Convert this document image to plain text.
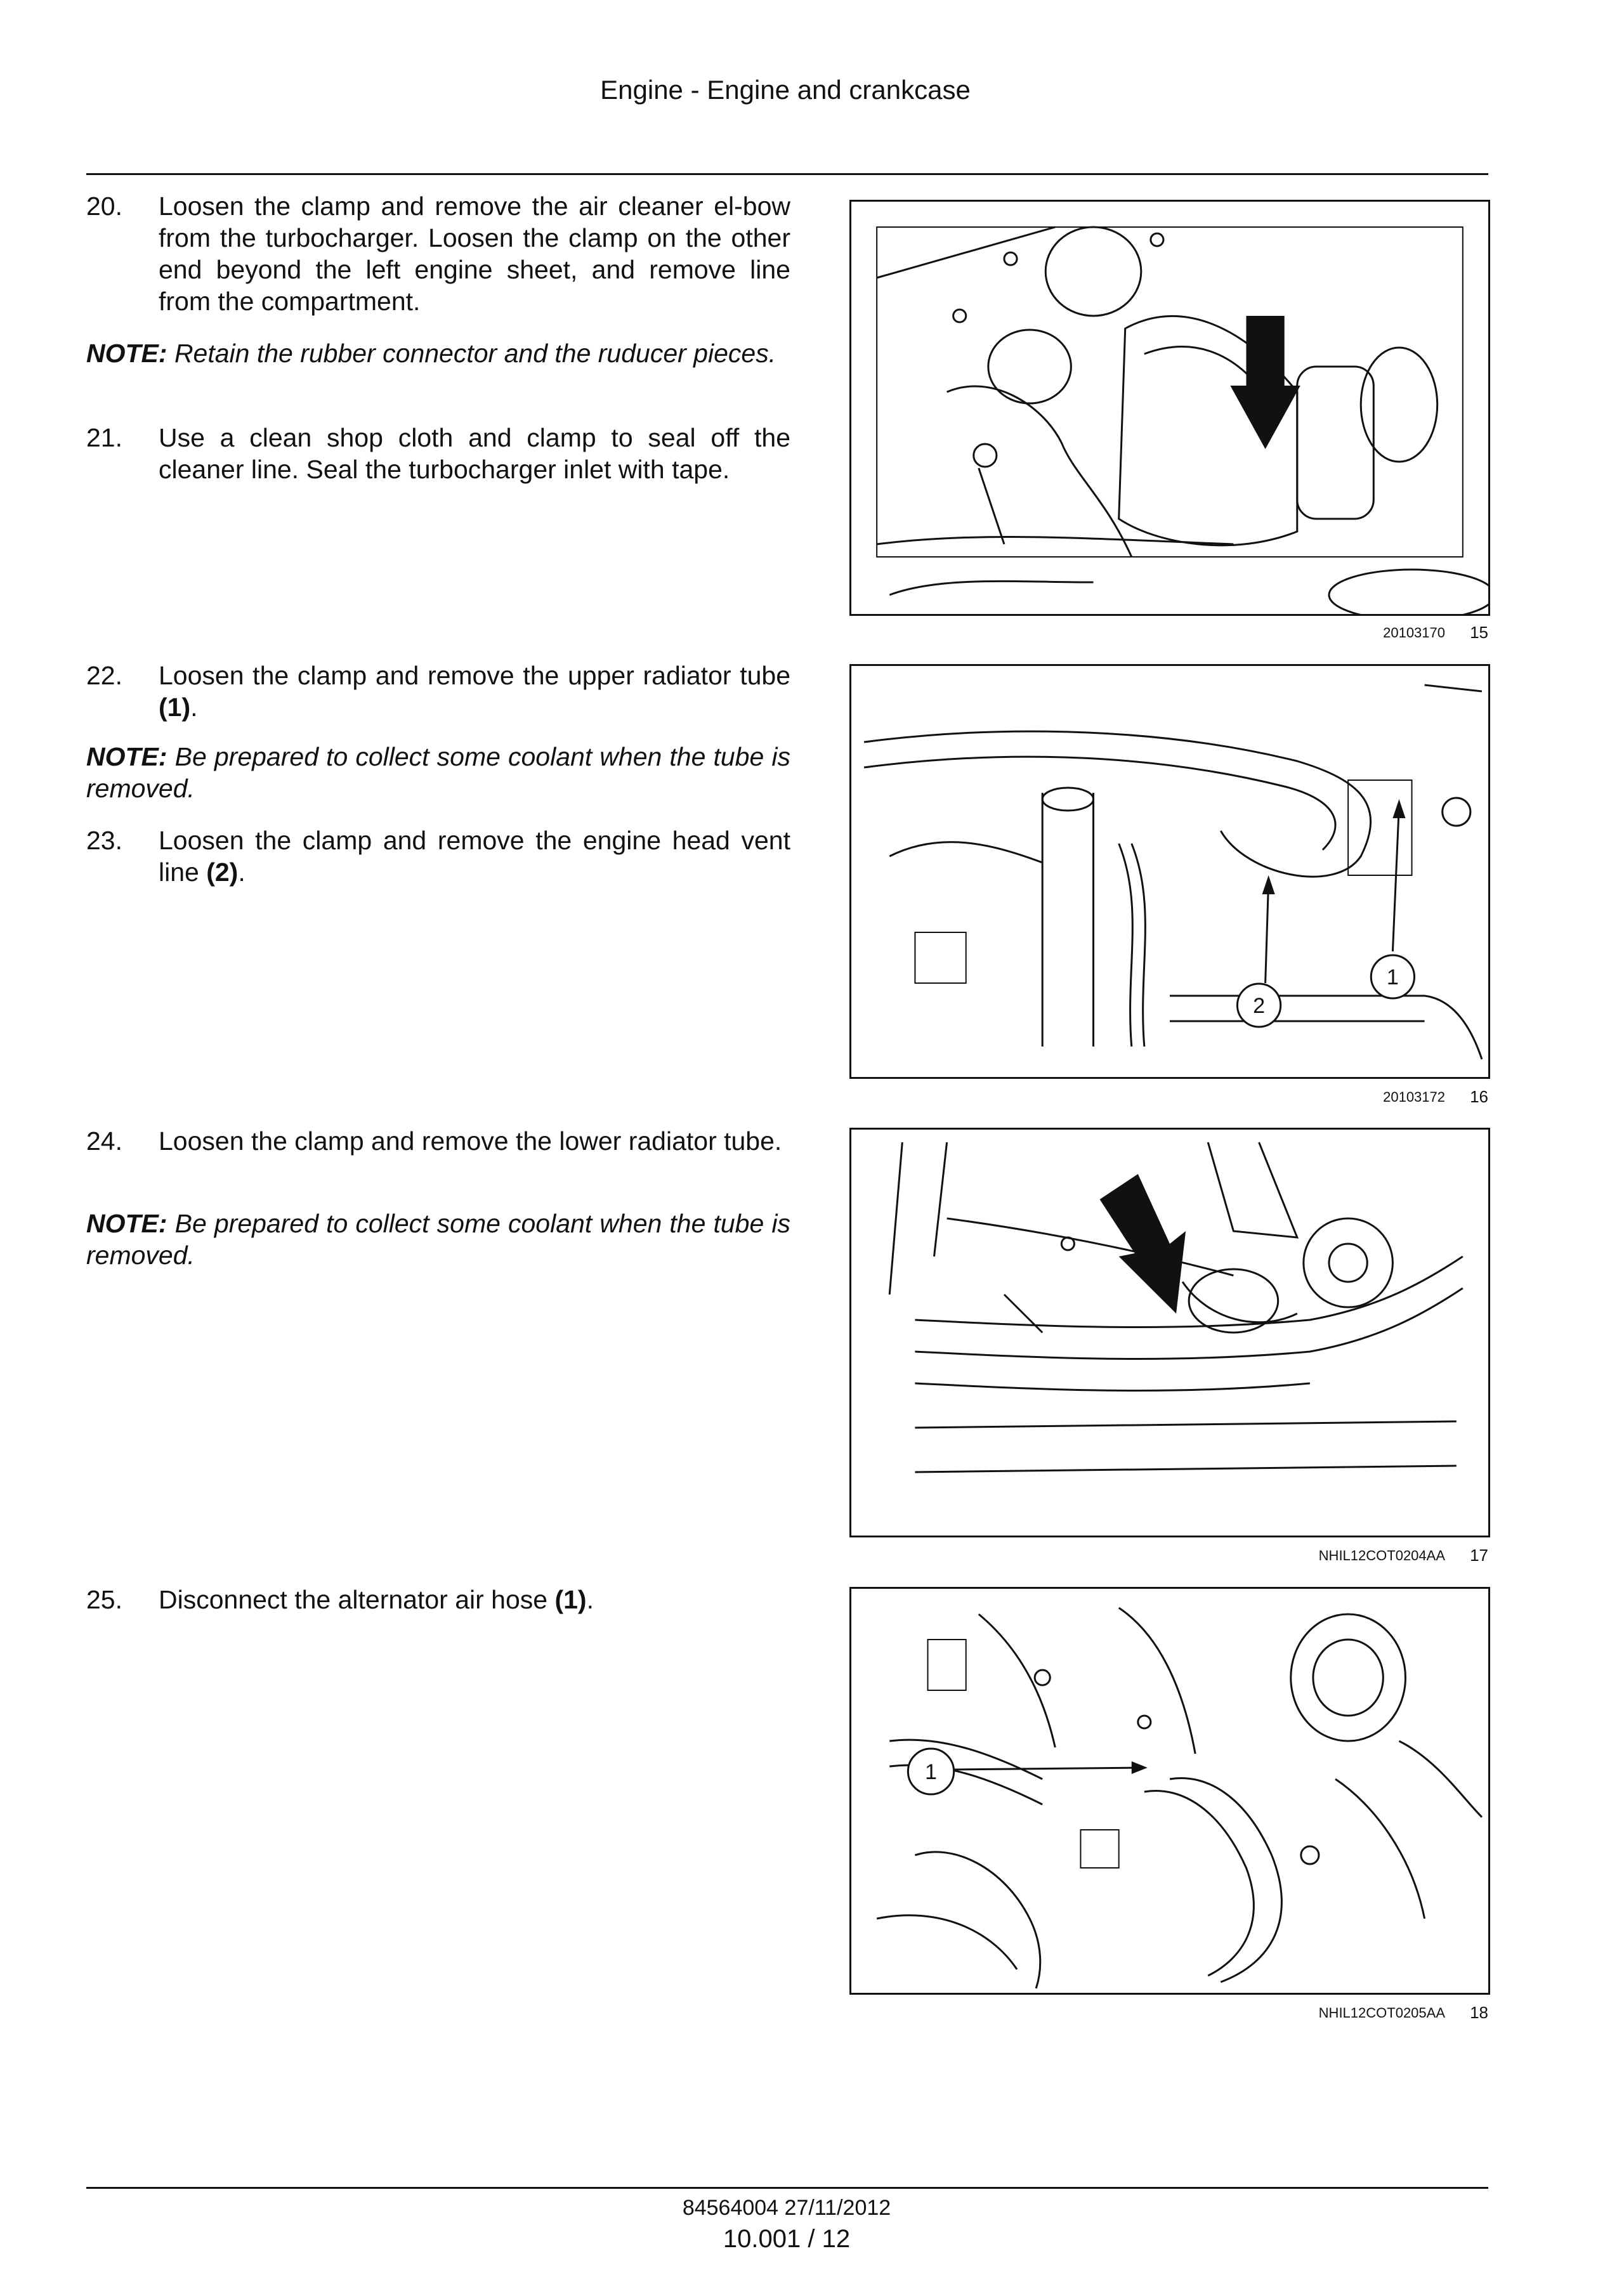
Engine - Engine and crankcase
20.	Loosen the clamp and remove the air cleaner el-bow from the turbocharger. Loosen the clamp on the other end beyond the left engine sheet, and remove line from the compartment.
NOTE: Retain the rubber connector and the ruducer pieces.
21.	Use a clean shop cloth and clamp to seal off the cleaner line. Seal the turbocharger inlet with tape.
22.	Loosen the clamp and remove the upper radiator tube (1).
NOTE: Be prepared to collect some coolant when the tube is removed.
23.	Loosen the clamp and remove the engine head vent line (2).
24.	Loosen the clamp and remove the lower radiator tube.
NOTE: Be prepared to collect some coolant when the tube is removed.
25.	Disconnect the alternator air hose (1).
20103170	15
1
2
20103172	16
NHIL12COT0204AA	17
1
NHIL12COT0205AA	18
84564004 27/11/2012
10.001 / 12
